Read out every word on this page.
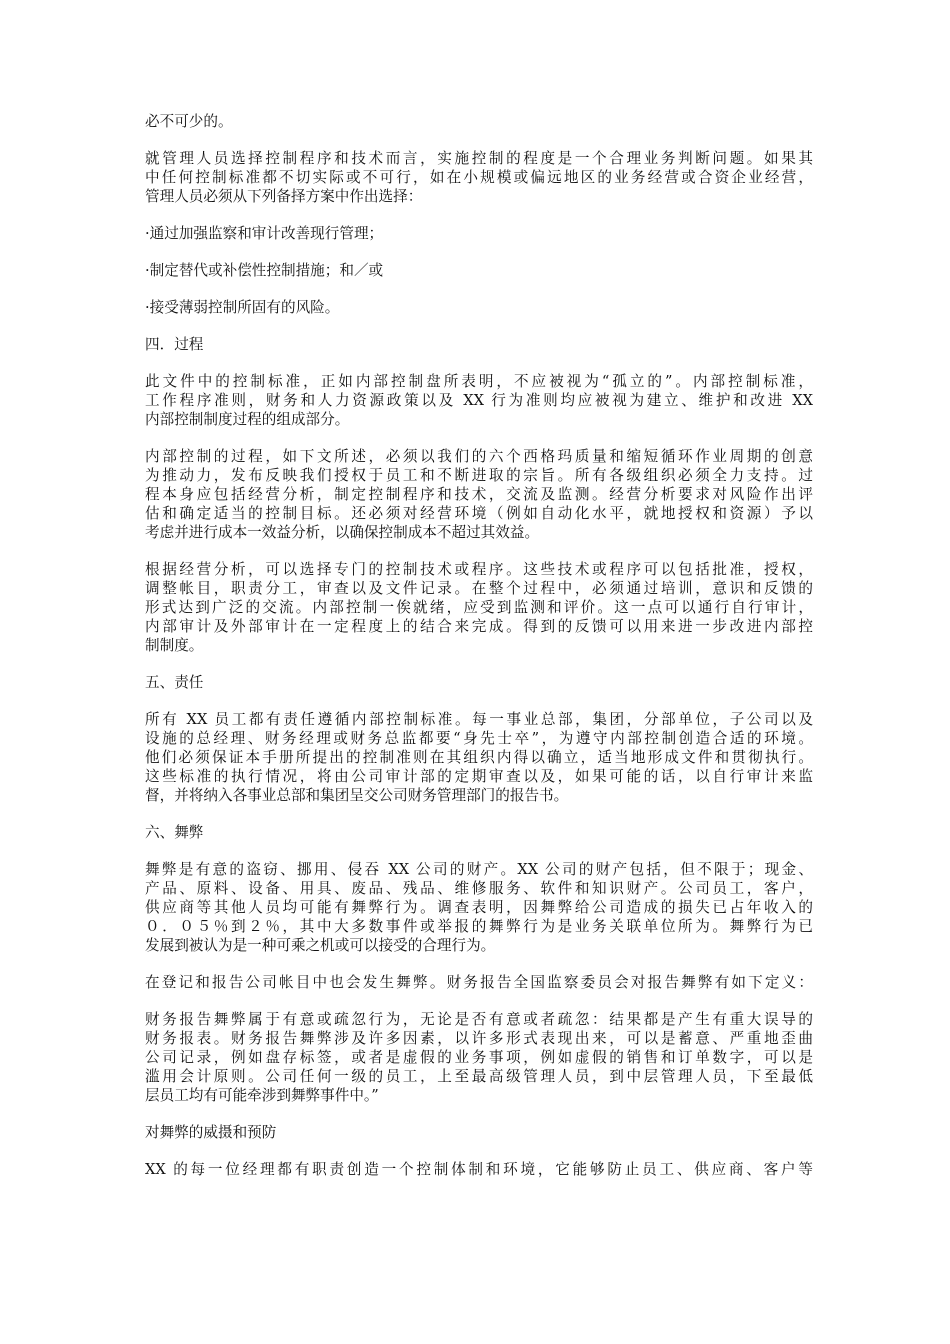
必不可少的。
就管理人员选择控制程序和技术而言，实施控制的程度是一个合理业务判断问题。如果其
中任何控制标准都不切实际或不可行，如在小规模或偏远地区的业务经营或合资企业经营，
管理人员必须从下列备择方案中作出选择：
·通过加强监察和审计改善现行管理；
·制定替代或补偿性控制措施；和／或
·接受薄弱控制所固有的风险。
四．过程
此文件中的控制标准，正如内部控制盘所表明，不应被视为“孤立的”。内部控制标准，
工作程序准则，财务和人力资源政策以及 XX 行为准则均应被视为建立、维护和改进 XX
内部控制制度过程的组成部分。
内部控制的过程，如下文所述，必须以我们的六个西格玛质量和缩短循环作业周期的创意
为推动力，发布反映我们授权于员工和不断进取的宗旨。所有各级组织必须全力支持。过
程本身应包括经营分析，制定控制程序和技术，交流及监测。经营分析要求对风险作出评
估和确定适当的控制目标。还必须对经营环境（例如自动化水平，就地授权和资源）予以
考虑并进行成本一效益分析，以确保控制成本不超过其效益。
根据经营分析，可以选择专门的控制技术或程序。这些技术或程序可以包括批准，授权，
调整帐目，职责分工，审查以及文件记录。在整个过程中，必须通过培训，意识和反馈的
形式达到广泛的交流。内部控制一俟就绪，应受到监测和评价。这一点可以通行自行审计，
内部审计及外部审计在一定程度上的结合来完成。得到的反馈可以用来进一步改进内部控
制制度。
五、责任
所有 XX 员工都有责任遵循内部控制标准。每一事业总部，集团，分部单位，子公司以及
设施的总经理、财务经理或财务总监都要“身先士卒”，为遵守内部控制创造合适的环境。
他们必须保证本手册所提出的控制准则在其组织内得以确立，适当地形成文件和贯彻执行。
这些标准的执行情况，将由公司审计部的定期审查以及，如果可能的话，以自行审计来监
督，并将纳入各事业总部和集团呈交公司财务管理部门的报告书。
六、舞弊
舞弊是有意的盗窃、挪用、侵吞 XX 公司的财产。XX 公司的财产包括，但不限于；现金、
产品、原料、设备、用具、废品、残品、维修服务、软件和知识财产。公司员工，客户，
供应商等其他人员均可能有舞弊行为。调查表明，因舞弊给公司造成的损失已占年收入的
０．０５％到２％，其中大多数事件或举报的舞弊行为是业务关联单位所为。舞弊行为已
发展到被认为是一种可乘之机或可以接受的合理行为。
在登记和报告公司帐目中也会发生舞弊。财务报告全国监察委员会对报告舞弊有如下定义：
财务报告舞弊属于有意或疏忽行为，无论是否有意或者疏忽：结果都是产生有重大误导的
财务报表。财务报告舞弊涉及许多因素，以许多形式表现出来，可以是蓄意、严重地歪曲
公司记录，例如盘存标签，或者是虚假的业务事项，例如虚假的销售和订单数字，可以是
滥用会计原则。公司任何一级的员工，上至最高级管理人员，到中层管理人员，下至最低
层员工均有可能牵涉到舞弊事件中。”
对舞弊的威摄和预防
XX 的每一位经理都有职责创造一个控制体制和环境，它能够防止员工、供应商、客户等
